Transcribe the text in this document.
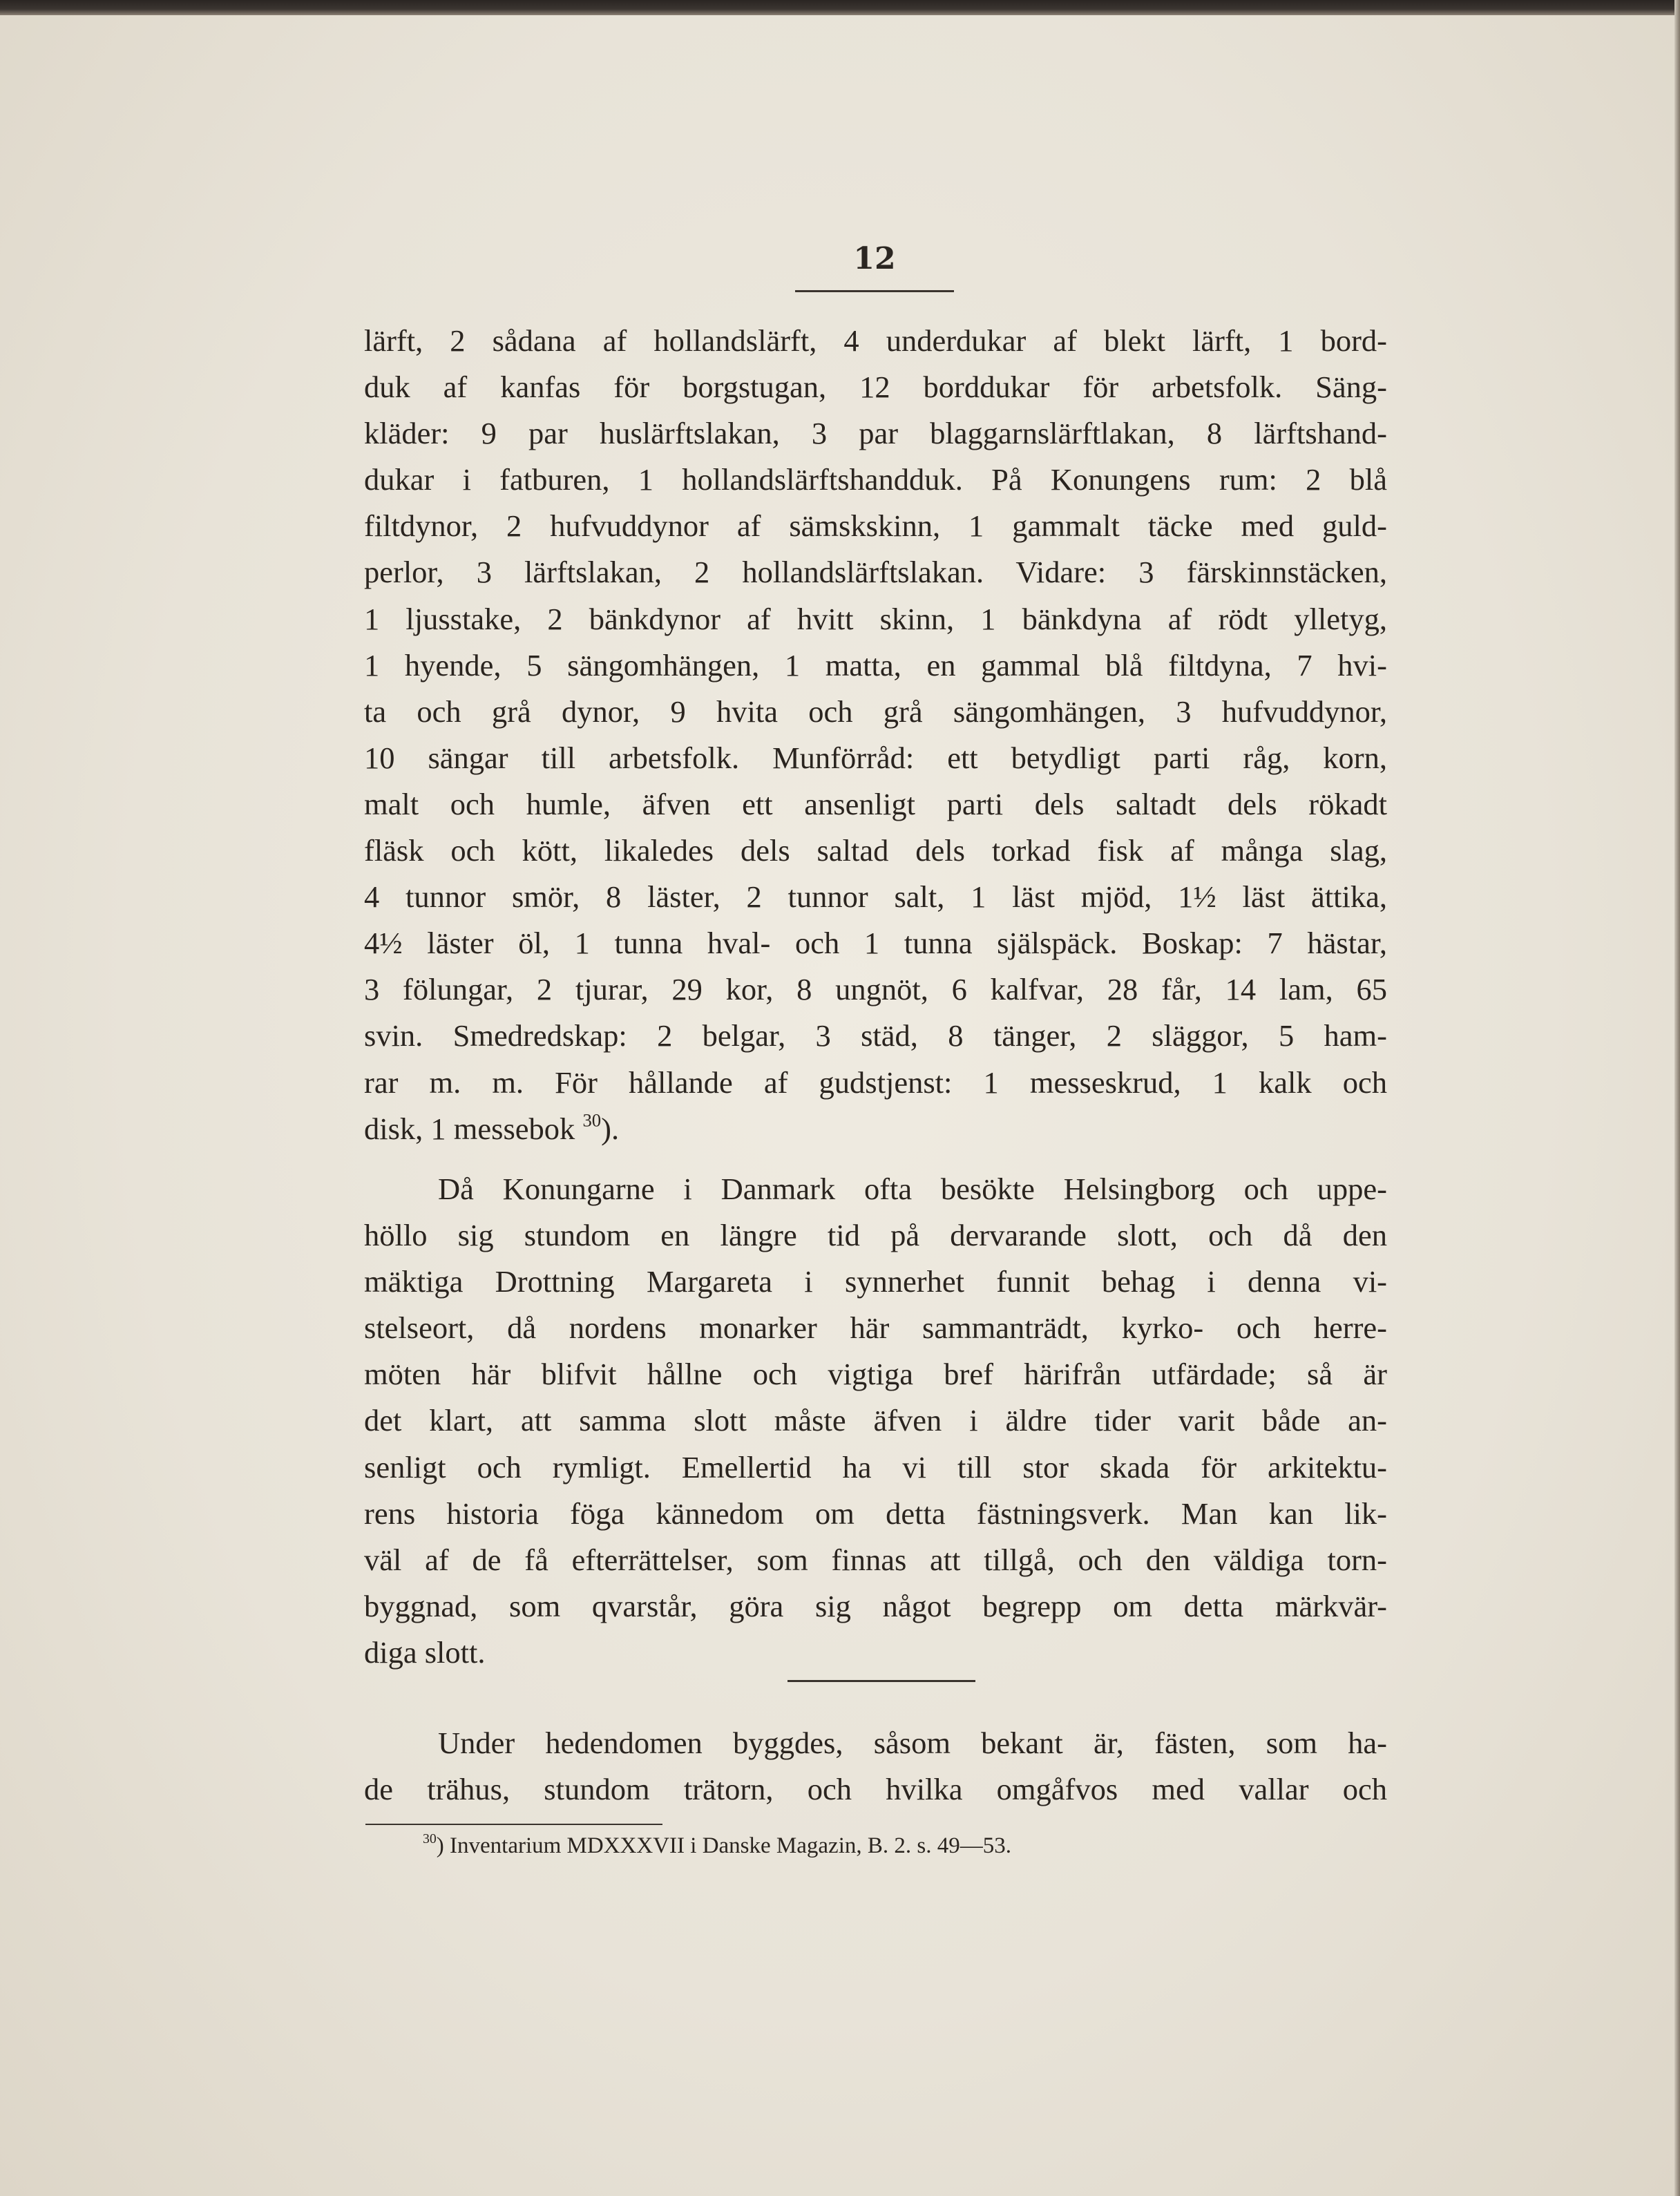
12
lärft, 2 sådana af hollandslärft, 4 underdukar af blekt lärft, 1 bord-
duk af kanfas för borgstugan, 12 borddukar för arbetsfolk. Säng-
kläder: 9 par huslärftslakan, 3 par blaggarnslärftlakan, 8 lärftshand-
dukar i fatburen, 1 hollandslärftshandduk. På Konungens rum: 2 blå
filtdynor, 2 hufvuddynor af sämskskinn, 1 gammalt täcke med guld-
perlor, 3 lärftslakan, 2 hollandslärftslakan. Vidare: 3 färskinnstäcken,
1 ljusstake, 2 bänkdynor af hvitt skinn, 1 bänkdyna af rödt ylletyg,
1 hyende, 5 sängomhängen, 1 matta, en gammal blå filtdyna, 7 hvi-
ta och grå dynor, 9 hvita och grå sängomhängen, 3 hufvuddynor,
10 sängar till arbetsfolk. Munförråd: ett betydligt parti råg, korn,
malt och humle, äfven ett ansenligt parti dels saltadt dels rökadt
fläsk och kött, likaledes dels saltad dels torkad fisk af många slag,
4 tunnor smör, 8 läster, 2 tunnor salt, 1 läst mjöd, 1½ läst ättika,
4½ läster öl, 1 tunna hval- och 1 tunna själspäck. Boskap: 7 hästar,
3 fölungar, 2 tjurar, 29 kor, 8 ungnöt, 6 kalfvar, 28 får, 14 lam, 65
svin. Smedredskap: 2 belgar, 3 städ, 8 tänger, 2 släggor, 5 ham-
rar m. m. För hållande af gudstjenst: 1 messeskrud, 1 kalk och
disk, 1 messebok $^{30}$).
Då Konungarne i Danmark ofta besökte Helsingborg och uppe-
höllo sig stundom en längre tid på dervarande slott, och då den
mäktiga Drottning Margareta i synnerhet funnit behag i denna vi-
stelseort, då nordens monarker här sammanträdt, kyrko- och herre-
möten här blifvit hållne och vigtiga bref härifrån utfärdade; så är
det klart, att samma slott måste äfven i äldre tider varit både an-
senligt och rymligt. Emellertid ha vi till stor skada för arkitektu-
rens historia föga kännedom om detta fästningsverk. Man kan lik-
väl af de få efterrättelser, som finnas att tillgå, och den väldiga torn-
byggnad, som qvarstår, göra sig något begrepp om detta märkvär-
diga slott.
Under hedendomen byggdes, såsom bekant är, fästen, som ha-
de trähus, stundom trätorn, och hvilka omgåfvos med vallar och
$^{30}$) Inventarium MDXXXVII i Danske Magazin, B. 2. s. 49—53.
